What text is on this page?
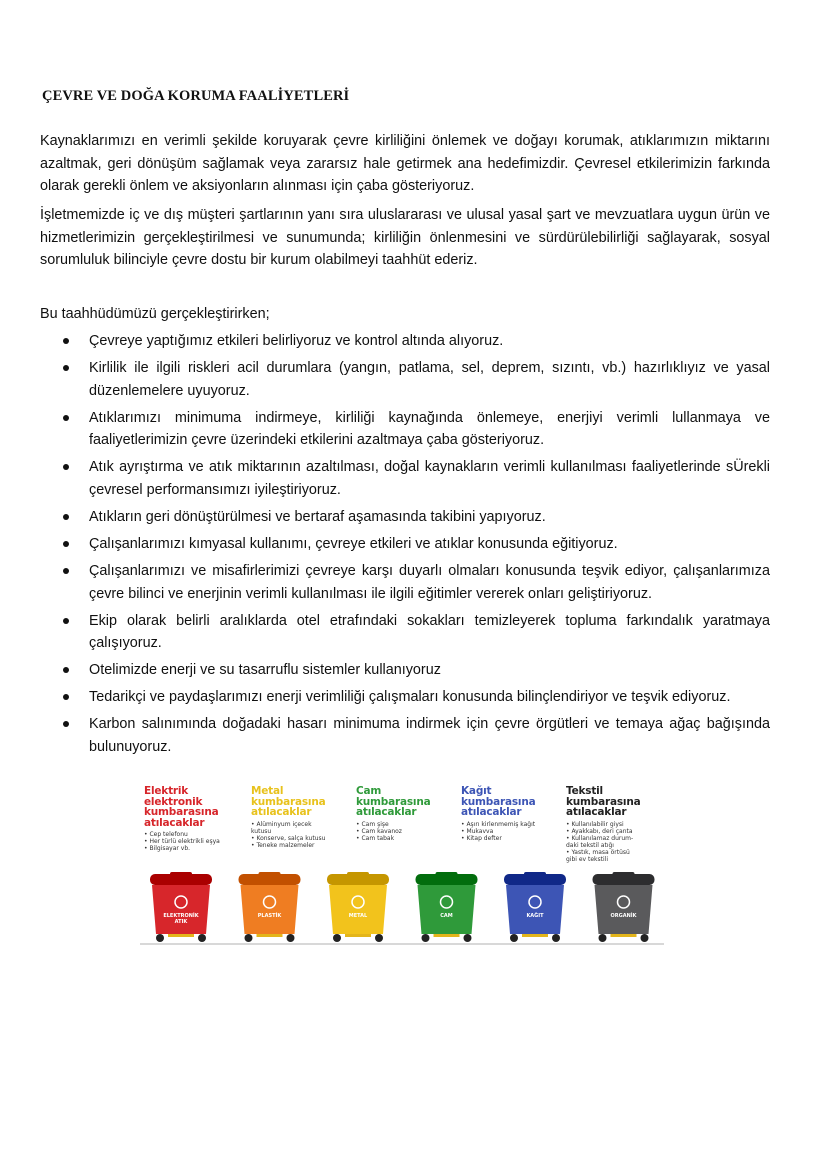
ÇEVRE VE DOĞA KORUMA FAALİYETLERİ
Kaynaklarımızı en verimli şekilde koruyarak çevre kirliliğini önlemek ve doğayı korumak, atıklarımızın miktarını azaltmak, geri dönüşüm sağlamak veya zararsız hale getirmek ana hedefimizdir. Çevresel etkilerimizin farkında olarak gerekli önlem ve aksiyonların alınması için çaba gösteriyoruz.
İşletmemizde iç ve dış müşteri şartlarının yanı sıra uluslararası ve ulusal yasal şart ve mevzuatlara uygun ürün ve hizmetlerimizin gerçekleştirilmesi ve sunumunda; kirliliğin önlenmesini ve sürdürülebilirliği sağlayarak, sosyal sorumluluk bilinciyle çevre dostu bir kurum olabilmeyi taahhüt ederiz.
Bu taahhüdümüzü gerçekleştirirken;
Çevreye yaptığımız etkileri belirliyoruz ve kontrol altında alıyoruz.
Kirlilik ile ilgili riskleri acil durumlara (yangın, patlama, sel, deprem, sızıntı, vb.) hazırlıklıyız ve yasal düzenlemelere uyuyoruz.
Atıklarımızı minimuma indirmeye, kirliliği kaynağında önlemeye, enerjiyi verimli lullanmaya ve faaliyetlerimizin çevre üzerindeki etkilerini azaltmaya çaba gösteriyoruz.
Atık ayrıştırma ve atık miktarının azaltılması, doğal kaynakların verimli kullanılması faaliyetlerinde sÜrekli çevresel performansımızı iyileştiriyoruz.
Atıkların geri dönüştürülmesi ve bertaraf aşamasında takibini yapıyoruz.
Çalışanlarımızı kımyasal kullanımı, çevreye etkileri ve atıklar konusunda eğitiyoruz.
Çalışanlarımızı ve misafirlerimizi çevreye karşı duyarlı olmaları konusunda teşvik ediyor, çalışanlarımıza çevre bilinci ve enerjinin verimli kullanılması ile ilgili eğitimler vererek onları geliştiriyoruz.
Ekip olarak belirli aralıklarda otel etrafındaki sokakları temizleyerek topluma farkındalık yaratmaya çalışıyoruz.
Otelimizde enerji ve su tasarruflu sistemler kullanıyoruz
Tedarikçi ve paydaşlarımızı enerji verimliliği çalışmaları konusunda bilinçlendiriyor ve teşvik ediyoruz.
Karbon salınımında doğadaki hasarı minimuma indirmek için çevre örgütleri ve temaya ağaç bağışında bulunuyoruz.
Elektrik
elektronik
kumbarasına
atılacaklar
• Cep telefonu
• Her türlü elektrikli eşya
• Bilgisayar vb.
Metal
kumbarasına
atılacaklar
• Alüminyum içecek
kutusu
• Konserve, salça kutusu
• Teneke malzemeler
Cam
kumbarasına
atılacaklar
• Cam şişe
• Cam kavanoz
• Cam tabak
Kağıt
kumbarasına
atılacaklar
• Aşırı kirlenmemiş kağıt
• Mukavva
• Kitap defter
Tekstil
kumbarasına
atılacaklar
• Kullanılabilir giysi
• Ayakkabı, deri çanta
• Kullanılamaz durum-
daki tekstil atığı
• Yastık, masa örtüsü
gibi ev tekstili
ELEKTRONİK
ATIK
PLASTİK	METAL	CAM	KAĞIT	ORGANİK
